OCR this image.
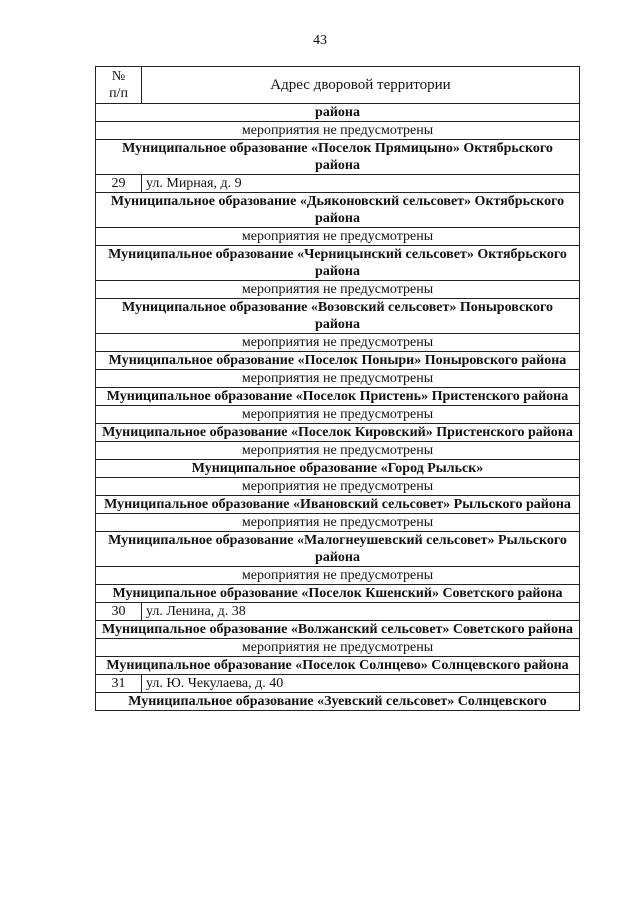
43
№
п/п	Адрес дворовой территории
района	
мероприятия не предусмотрены	
Муниципальное образование «Поселок Прямицыно» Октябрьского района	
29	ул. Мирная, д. 9
Муниципальное образование «Дьяконовский сельсовет» Октябрьского района	
мероприятия не предусмотрены	
Муниципальное образование «Черницынский сельсовет» Октябрьского района	
мероприятия не предусмотрены	
Муниципальное образование «Возовский сельсовет» Поныровского района	
мероприятия не предусмотрены	
Муниципальное образование «Поселок Поныри» Поныровского района	
мероприятия не предусмотрены	
Муниципальное образование «Поселок Пристень» Пристенского района	
мероприятия не предусмотрены	
Муниципальное образование «Поселок Кировский» Пристенского района	
мероприятия не предусмотрены	
Муниципальное образование «Город Рыльск»	
мероприятия не предусмотрены	
Муниципальное образование «Ивановский сельсовет» Рыльского района	
мероприятия не предусмотрены	
Муниципальное образование «Малогнеушевский сельсовет» Рыльского района	
мероприятия не предусмотрены	
Муниципальное образование «Поселок Кшенский» Советского района	
30	ул. Ленина, д. 38
Муниципальное образование «Волжанский сельсовет» Советского района	
мероприятия не предусмотрены	
Муниципальное образование «Поселок Солнцево» Солнцевского района	
31	ул. Ю. Чекулаева, д. 40
Муниципальное образование «Зуевский сельсовет» Солнцевского	
